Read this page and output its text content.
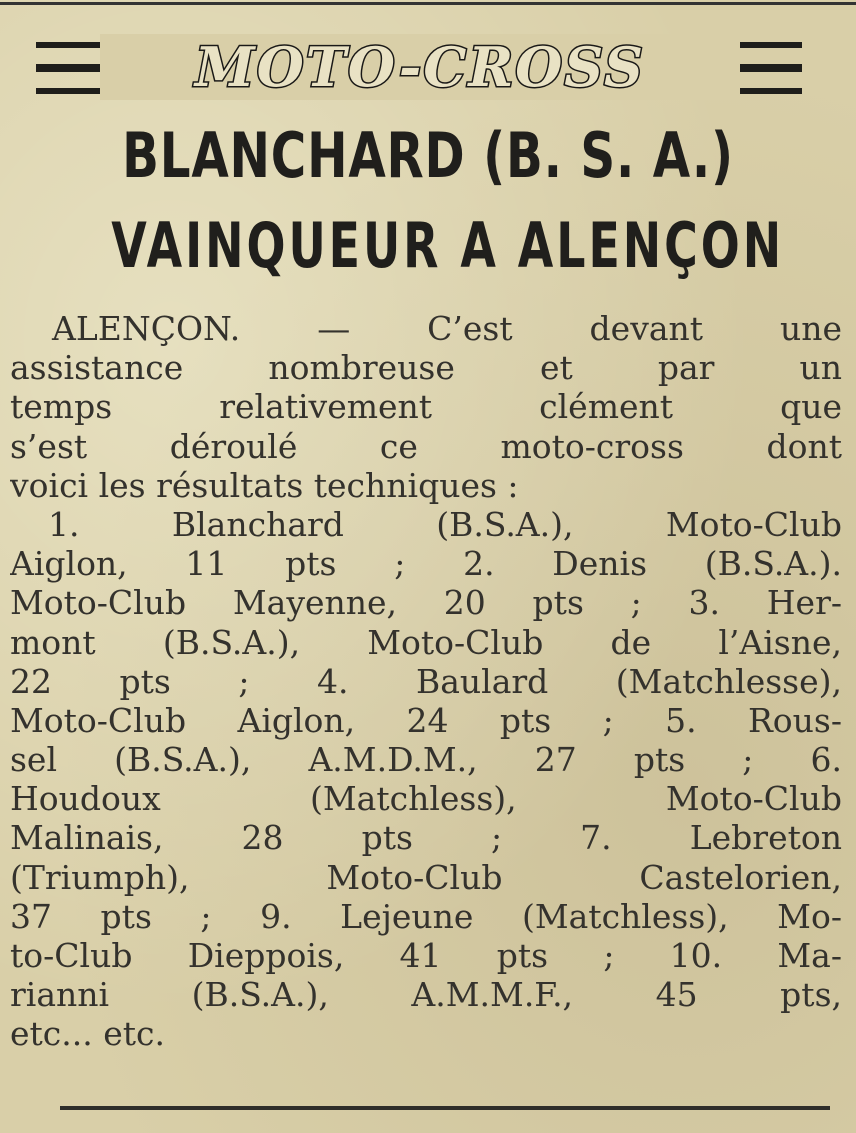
MOTO-CROSS
BLANCHARD (B. S. A.)
VAINQUEUR A ALENÇON
ALENÇON. — C’est devant une
assistance nombreuse et par un
temps relativement clément que
s’est déroulé ce moto-cross dont
voici les résultats techniques :
1. Blanchard (B.S.A.), Moto-Club
Aiglon, 11 pts ; 2. Denis (B.S.A.).
Moto-Club Mayenne, 20 pts ; 3. Her-
mont (B.S.A.), Moto-Club de l’Aisne,
22 pts ; 4. Baulard (Matchlesse),
Moto-Club Aiglon, 24 pts ; 5. Rous-
sel (B.S.A.), A.M.D.M., 27 pts ; 6.
Houdoux (Matchless), Moto-Club
Malinais, 28 pts ; 7. Lebreton
(Triumph), Moto-Club Castelorien,
37 pts ; 9. Lejeune (Matchless), Mo-
to-Club Dieppois, 41 pts ; 10. Ma-
rianni (B.S.A.), A.M.M.F., 45 pts,
etc... etc.
